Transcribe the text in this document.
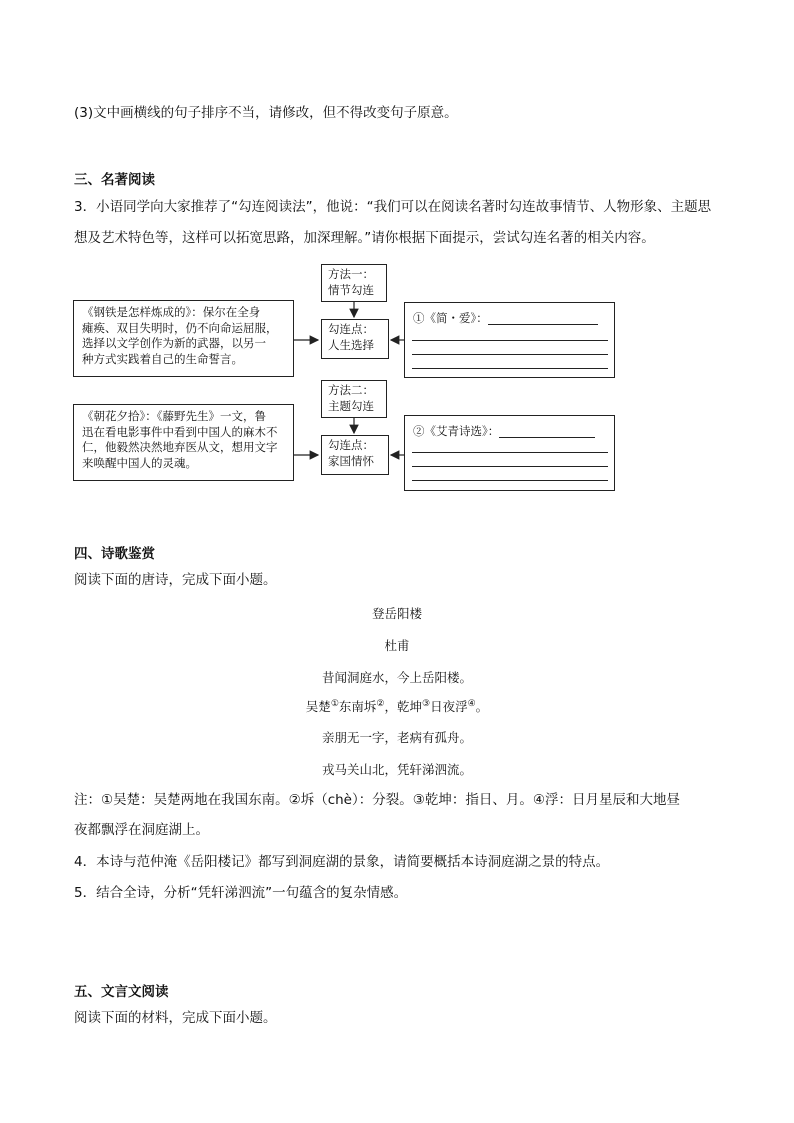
(3)文中画横线的句子排序不当，请修改，但不得改变句子原意。
三、名著阅读
3．小语同学向大家推荐了“勾连阅读法”，他说：“我们可以在阅读名著时勾连故事情节、人物形象、主题思
想及艺术特色等，这样可以拓宽思路，加深理解。”请你根据下面提示，尝试勾连名著的相关内容。
方法一：
情节勾连
《钢铁是怎样炼成的》：保尔在全身
瘫痪、双目失明时，仍不向命运屈服，
选择以文学创作为新的武器，以另一
种方式实践着自己的生命誓言。
勾连点：
人生选择
①《简・爱》：
方法二：
主题勾连
《朝花夕拾》：《藤野先生》一文，鲁
迅在看电影事件中看到中国人的麻木不
仁，他毅然决然地弃医从文，想用文字
来唤醒中国人的灵魂。
勾连点：
家国情怀
②《艾青诗选》：
四、诗歌鉴赏
阅读下面的唐诗，完成下面小题。
登岳阳楼
杜甫
昔闻洞庭水，今上岳阳楼。
吴楚①东南坼②，乾坤③日夜浮④。
亲朋无一字，老病有孤舟。
戎马关山北，凭轩涕泗流。
注：①吴楚：吴楚两地在我国东南。②坼（chè）：分裂。③乾坤：指日、月。④浮：日月星辰和大地昼
夜都飘浮在洞庭湖上。
4．本诗与范仲淹《岳阳楼记》都写到洞庭湖的景象，请简要概括本诗洞庭湖之景的特点。
5．结合全诗，分析“凭轩涕泗流”一句蕴含的复杂情感。
五、文言文阅读
阅读下面的材料，完成下面小题。
